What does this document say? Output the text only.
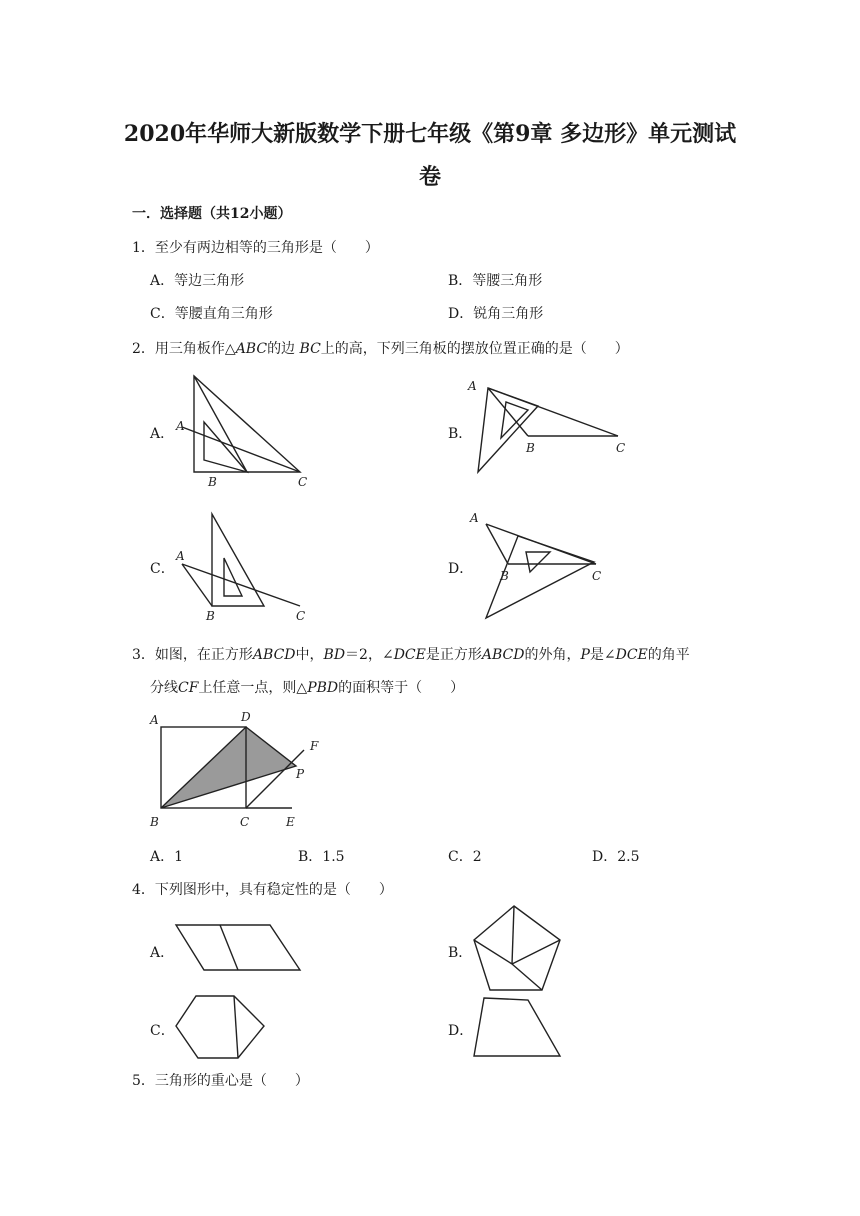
2020年华师大新版数学下册七年级《第9章 多边形》单元测试
卷
一．选择题（共12小题）
1．至少有两边相等的三角形是（　　）
A．等边三角形	B．等腰三角形
C．等腰直角三角形	D．锐角三角形
2．用三角板作△ABC的边 BC上的高，下列三角板的摆放位置正确的是（　　）
A． A
B	C
B．
A
B	C
C．
A
B	C
D．
A
B	C
3．如图，在正方形ABCD中，BD＝2，∠DCE是正方形ABCD的外角，P是∠DCE的角平
分线CF上任意一点，则△PBD的面积等于（　　）
A	D
F
P
B	C	E
A．1	B．1.5	C．2	D．2.5
4．下列图形中，具有稳定性的是（　　）
A．	B．
C．	D．
5．三角形的重心是（　　）
